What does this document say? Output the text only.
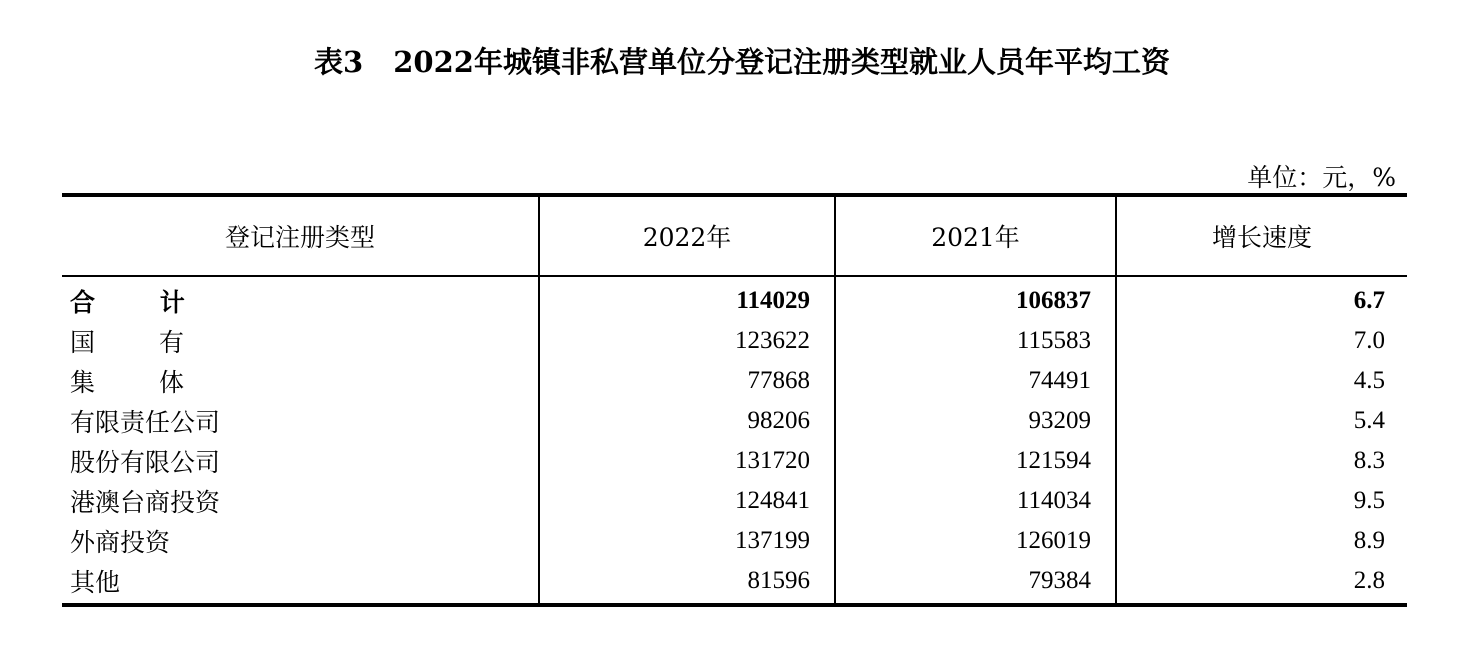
表3 2022年城镇非私营单位分登记注册类型就业人员年平均工资
单位：元，%
登记注册类型	2022年	2021年	增长速度
合 计	114029	106837	6.7
国 有	123622	115583	7.0
集 体	77868	74491	4.5
有限责任公司	98206	93209	5.4
股份有限公司	131720	121594	8.3
港澳台商投资	124841	114034	9.5
外商投资	137199	126019	8.9
其他	81596	79384	2.8
